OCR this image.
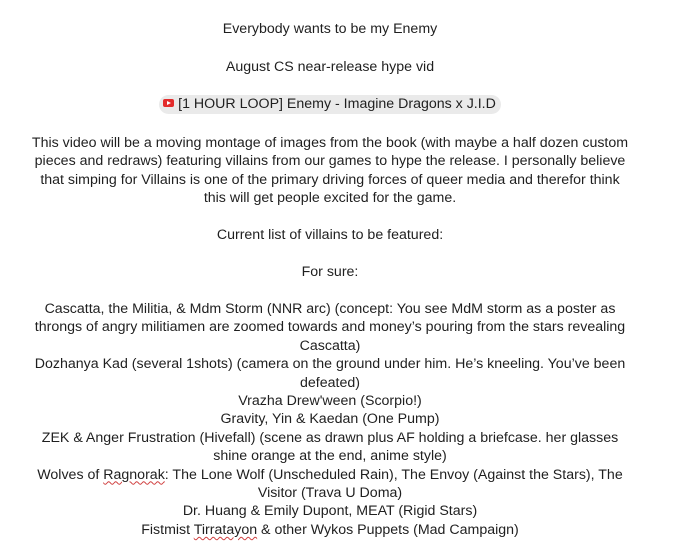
Everybody wants to be my Enemy
August CS near-release hype vid
[1 HOUR LOOP] Enemy - Imagine Dragons x J.I.D
This video will be a moving montage of images from the book (with maybe a half dozen custom pieces and redraws) featuring villains from our games to hype the release. I personally believe that simping for Villains is one of the primary driving forces of queer media and therefor think this will get people excited for the game.
Current list of villains to be featured:
For sure:
Cascatta, the Militia, & Mdm Storm (NNR arc) (concept: You see MdM storm as a poster as throngs of angry militiamen are zoomed towards and money’s pouring from the stars revealing Cascatta)
Dozhanya Kad (several 1shots) (camera on the ground under him. He’s kneeling. You’ve been defeated)
Vrazha Drew'ween (Scorpio!)
Gravity, Yin & Kaedan (One Pump)
ZEK & Anger Frustration (Hivefall) (scene as drawn plus AF holding a briefcase. her glasses shine orange at the end, anime style)
Wolves of Ragnorak: The Lone Wolf (Unscheduled Rain), The Envoy (Against the Stars), The Visitor (Trava U Doma)
Dr. Huang & Emily Dupont, MEAT (Rigid Stars)
Fistmist Tirratayon & other Wykos Puppets (Mad Campaign)
